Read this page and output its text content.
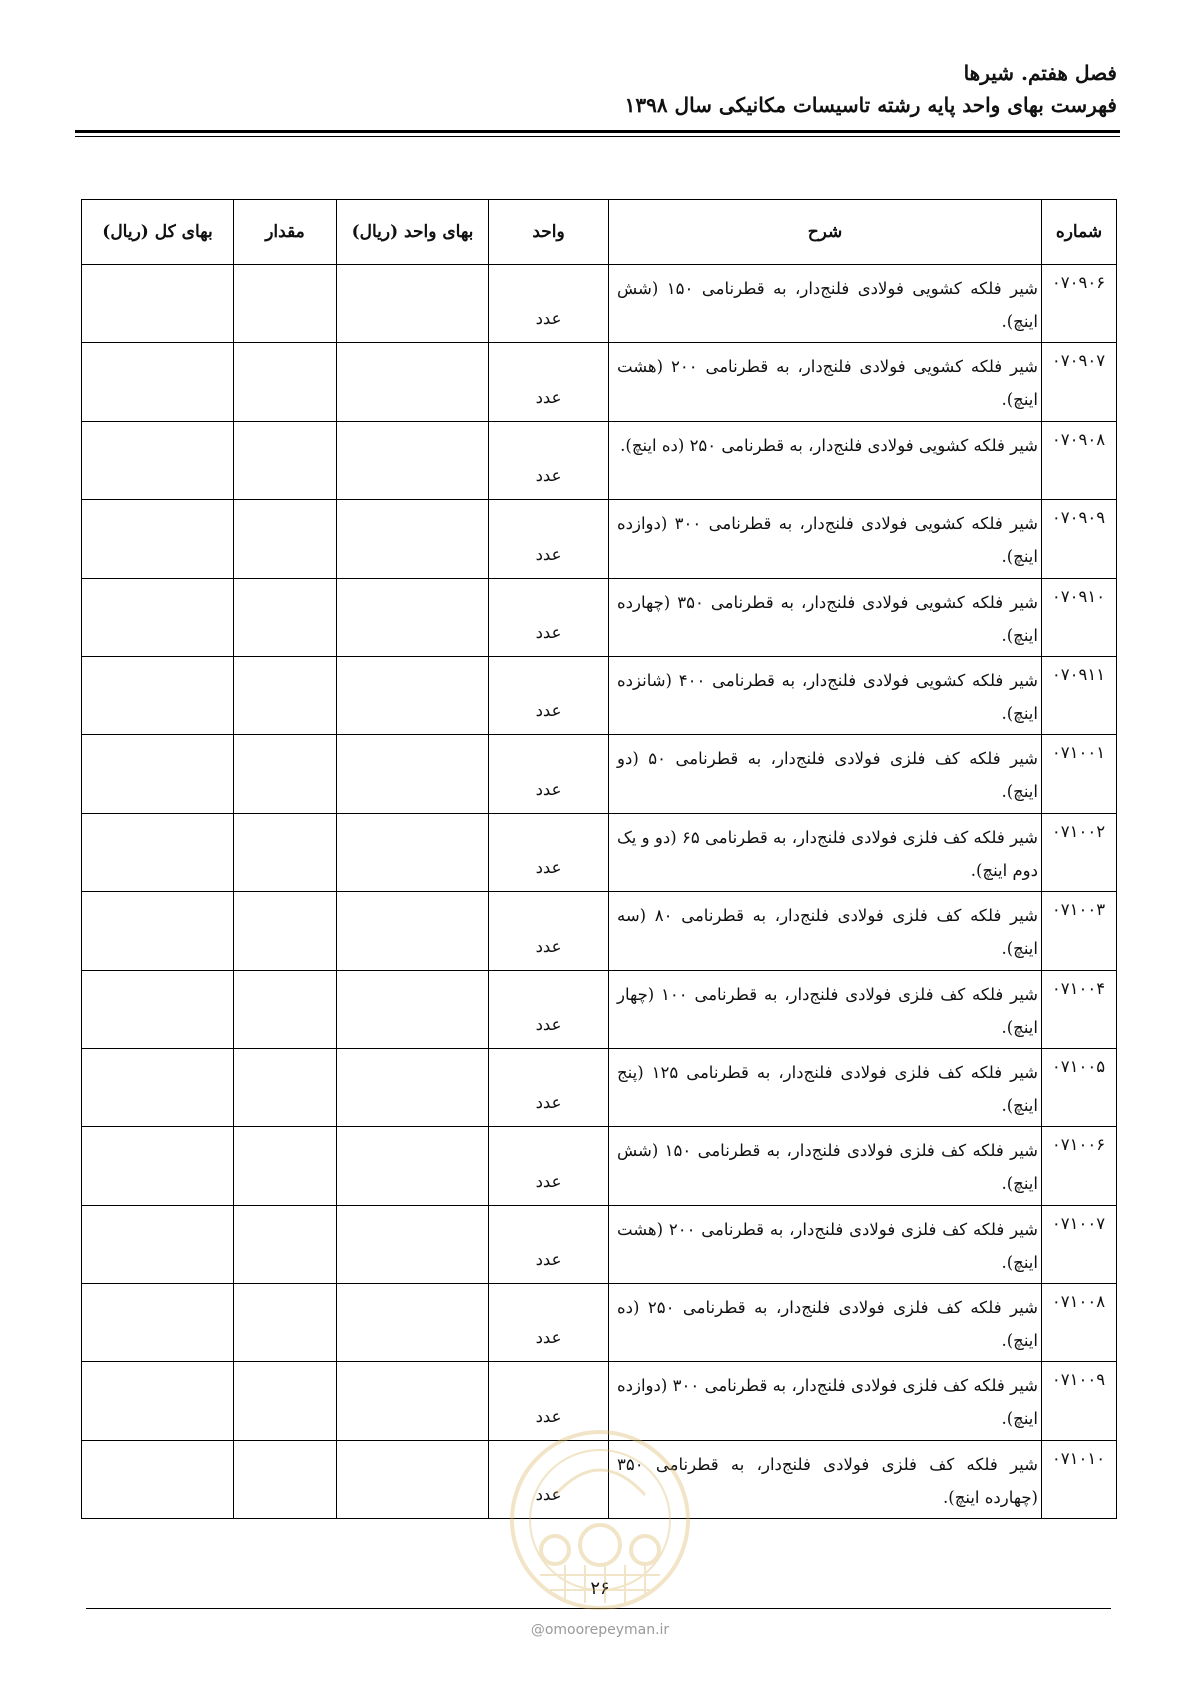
فصل هفتم. شیرها
فهرست بهای واحد پایه رشته تاسیسات مکانیکی سال ۱۳۹۸
شماره	شرح	واحد	بهای واحد (ریال)	مقدار	بهای کل (ریال)
۰۷۰۹۰۶	شیر فلکه کشویی فولادی فلنج‌دار، به قطرنامی ۱۵۰ (شش اینچ).	عدد			
۰۷۰۹۰۷	شیر فلکه کشویی فولادی فلنج‌دار، به قطرنامی ۲۰۰ (هشت اینچ).	عدد			
۰۷۰۹۰۸	شیر فلکه کشویی فولادی فلنج‌دار، به قطرنامی ۲۵۰ (ده اینچ).	عدد			
۰۷۰۹۰۹	شیر فلکه کشویی فولادی فلنج‌دار، به قطرنامی ۳۰۰ (دوازده اینچ).	عدد			
۰۷۰۹۱۰	شیر فلکه کشویی فولادی فلنج‌دار، به قطرنامی ۳۵۰ (چهارده اینچ).	عدد			
۰۷۰۹۱۱	شیر فلکه کشویی فولادی فلنج‌دار، به قطرنامی ۴۰۰ (شانزده اینچ).	عدد			
۰۷۱۰۰۱	شیر فلکه کف فلزی فولادی فلنج‌دار، به قطرنامی ۵۰ (دو اینچ).	عدد			
۰۷۱۰۰۲	شیر فلکه کف فلزی فولادی فلنج‌دار، به قطرنامی ۶۵ (دو و یک دوم اینچ).	عدد			
۰۷۱۰۰۳	شیر فلکه کف فلزی فولادی فلنج‌دار، به قطرنامی ۸۰ (سه اینچ).	عدد			
۰۷۱۰۰۴	شیر فلکه کف فلزی فولادی فلنج‌دار، به قطرنامی ۱۰۰ (چهار اینچ).	عدد			
۰۷۱۰۰۵	شیر فلکه کف فلزی فولادی فلنج‌دار، به قطرنامی ۱۲۵ (پنج اینچ).	عدد			
۰۷۱۰۰۶	شیر فلکه کف فلزی فولادی فلنج‌دار، به قطرنامی ۱۵۰ (شش اینچ).	عدد			
۰۷۱۰۰۷	شیر فلکه کف فلزی فولادی فلنج‌دار، به قطرنامی ۲۰۰ (هشت اینچ).	عدد			
۰۷۱۰۰۸	شیر فلکه کف فلزی فولادی فلنج‌دار، به قطرنامی ۲۵۰ (ده اینچ).	عدد			
۰۷۱۰۰۹	شیر فلکه کف فلزی فولادی فلنج‌دار، به قطرنامی ۳۰۰ (دوازده اینچ).	عدد			
۰۷۱۰۱۰	شیر فلکه کف فلزی فولادی فلنج‌دار، به قطرنامی ۳۵۰ (چهارده اینچ).	عدد			
۲۶
@omoorepeyman.ir
